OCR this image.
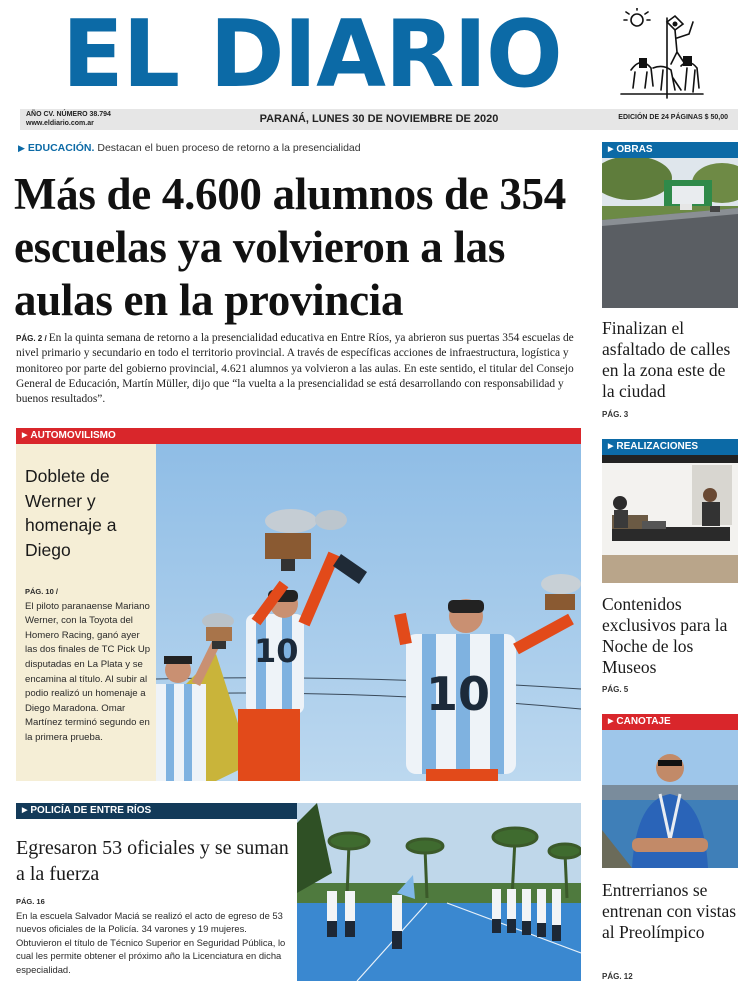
EL DIARIO
AÑO CV. NÚMERO 38.794
www.eldiario.com.ar	PARANÁ, LUNES 30 DE NOVIEMBRE DE 2020	EDICIÓN DE 24 PÁGINAS $ 50,00
▶ EDUCACIÓN. Destacan el buen proceso de retorno a la presencialidad
Más de 4.600 alumnos de 354 escuelas ya volvieron a las aulas en la provincia

PÁG. 2 / En la quinta semana de retorno a la presencialidad educativa en Entre Ríos, ya abrieron sus puertas 354 escuelas de nivel primario y secundario en todo el territorio provincial. A través de específicas acciones de infraestructura, logística y monitoreo por parte del gobierno provincial, 4.621 alumnos ya volvieron a las aulas. En este sentido, el titular del Consejo General de Educación, Martín Müller, dijo que “la vuelta a la presencialidad se está desarrollando con responsabilidad y buenos resultados”.

▶ AUTOMOVILISMO
Doblete de Werner y homenaje a Diego
PÁG. 10 /
El piloto paranaense Mariano Werner, con la Toyota del Homero Racing, ganó ayer las dos finales de TC Pick Up disputadas en La Plata y se encamina al título. Al subir al podio realizó un homenaje a Diego Maradona. Omar Martínez terminó segundo en la primera prueba.
10
10
▶ POLICÍA DE ENTRE RÍOS
Egresaron 53 oficiales y se suman a la fuerza
PÁG. 16
En la escuela Salvador Maciá se realizó el acto de egreso de 53 nuevos oficiales de la Policía. 34 varones y 19 mujeres. Obtuvieron el título de Técnico Superior en Seguridad Pública, lo cual les permite obtener el próximo año la Licenciatura en dicha especialidad.
▶ OBRAS
Finalizan el asfaltado de calles en la zona este de la ciudad
PÁG. 3
▶ REALIZACIONES
Contenidos exclusivos para la Noche de los Museos
PÁG. 5
▶ CANOTAJE
Entrerrianos se entrenan con vistas al Preolímpico
PÁG. 12
